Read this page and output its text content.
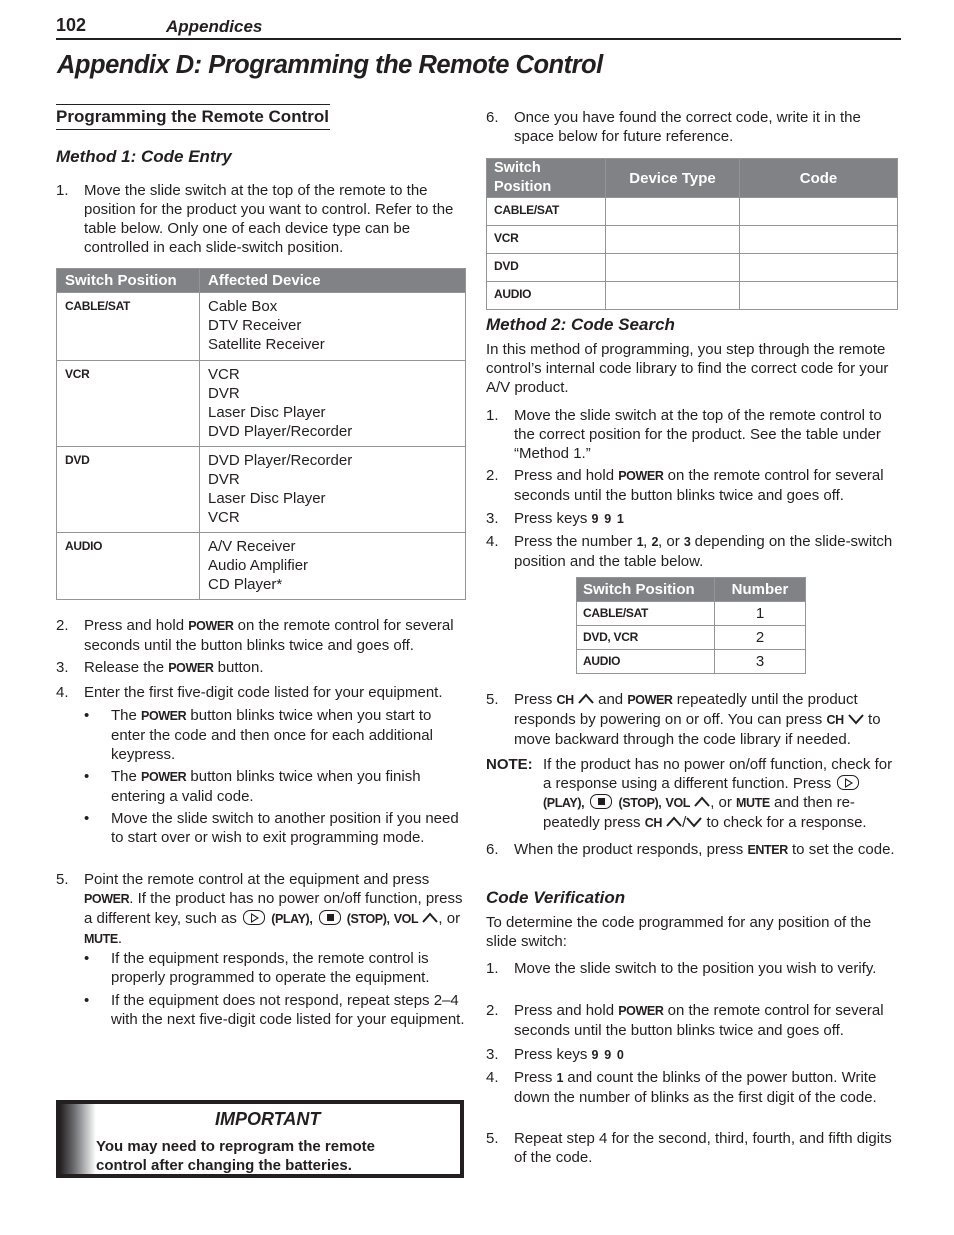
102	Appendices
Appendix D: Programming the Remote Control
Programming the Remote Control
Method 1: Code Entry
1. Move the slide switch at the top of the remote to the position for the product you want to control. Refer to the table below. Only one of each device type can be controlled in each slide-switch position.
Switch Position	Affected Device
CABLE/SAT	Cable Box
DTV Receiver
Satellite Receiver

VCR	VCR
DVR
Laser Disc Player
DVD Player/Recorder

DVD	DVD Player/Recorder
DVR
Laser Disc Player
VCR

AUDIO	A/V Receiver
Audio Amplifier
CD Player*
2. Press and hold POWER on the remote control for several seconds until the button blinks twice and goes off.
3. Release the POWER button.
4. Enter the first five-digit code listed for your equipment.
• The POWER button blinks twice when you start to enter the code and then once for each additional keypress.
• The POWER button blinks twice when you finish entering a valid code.
• Move the slide switch to another position if you need to start over or wish to exit programming mode.
5. Point the remote control at the equipment and press POWER. If the product has no power on/off function, press a different key, such as
(PLAY),	(STOP), VOL , or MUTE.
• If the equipment responds, the remote control is properly programmed to operate the equipment.
• If the equipment does not respond, repeat steps 2–4 with the next five-digit code listed for your equipment.
IMPORTANT
You may need to reprogram the remote control after changing the batteries.
6. Once you have found the correct code, write it in the space below for future reference.
Switch Position	Device Type	Code
CABLE/SAT		
VCR		
DVD		
AUDIO		
Method 2: Code Search
In this method of programming, you step through the remote control’s internal code library to find the correct code for your A/V product.
1. Move the slide switch at the top of the remote control to the correct position for the product. See the table under “Method 1.”
2. Press and hold POWER on the remote control for several seconds until the button blinks twice and goes off.
3. Press keys 9  9  1
4. Press the number 1, 2, or 3 depending on the slide-switch position and the table below.
Switch Position	Number
CABLE/SAT	1
DVD, VCR	2
AUDIO	3
5. Press CH  and POWER repeatedly until the product responds by powering on or off. You can press CH  to move backward through the code library if needed.
NOTE: If the product has no power on/off function, check for a response using a different function. Press
(PLAY),	(STOP), VOL , or MUTE and then re-peatedly press CH / to check for a response.
6. When the product responds, press ENTER to set the code.
Code Verification
To determine the code programmed for any position of the slide switch:
1. Move the slide switch to the position you wish to verify.
2. Press and hold POWER on the remote control for several seconds until the button blinks twice and goes off.
3. Press keys 9  9  0
4. Press 1 and count the blinks of the power button. Write down the number of blinks as the first digit of the code.
5. Repeat step 4 for the second, third, fourth, and fifth digits of the code.
